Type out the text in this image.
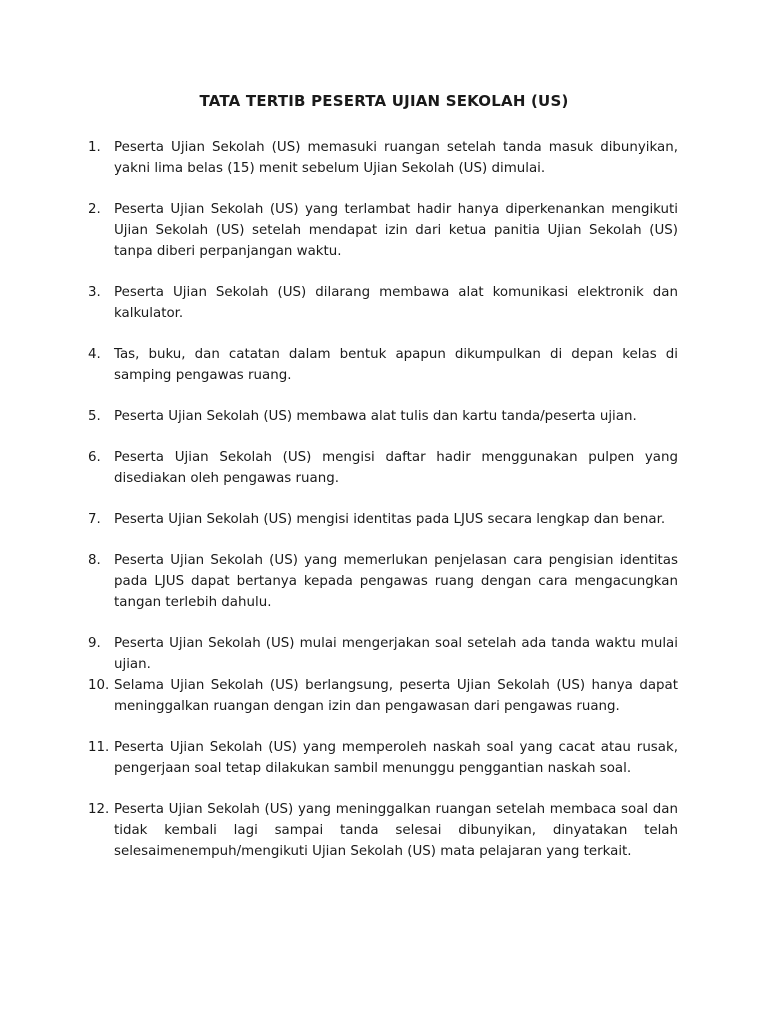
TATA TERTIB PESERTA UJIAN SEKOLAH (US)
1. Peserta Ujian Sekolah (US) memasuki ruangan setelah tanda masuk dibunyikan, yakni lima belas (15) menit sebelum Ujian Sekolah (US) dimulai.
2. Peserta Ujian Sekolah (US) yang terlambat hadir hanya diperkenankan mengikuti Ujian Sekolah (US) setelah mendapat izin dari ketua panitia Ujian Sekolah (US) tanpa diberi perpanjangan waktu.
3. Peserta Ujian Sekolah (US) dilarang membawa alat komunikasi elektronik dan kalkulator.
4. Tas, buku, dan catatan dalam bentuk apapun dikumpulkan di depan kelas di samping pengawas ruang.
5. Peserta Ujian Sekolah (US) membawa alat tulis dan kartu tanda/peserta ujian.
6. Peserta Ujian Sekolah (US) mengisi daftar hadir menggunakan pulpen yang disediakan oleh pengawas ruang.
7. Peserta Ujian Sekolah (US) mengisi identitas pada LJUS secara lengkap dan benar.
8. Peserta Ujian Sekolah (US) yang memerlukan penjelasan cara pengisian identitas pada LJUS dapat bertanya kepada pengawas ruang dengan cara mengacungkan tangan terlebih dahulu.
9. Peserta Ujian Sekolah (US) mulai mengerjakan soal setelah ada tanda waktu mulai ujian.
10. Selama Ujian Sekolah (US) berlangsung, peserta Ujian Sekolah (US) hanya dapat meninggalkan ruangan dengan izin dan pengawasan dari pengawas ruang.
11. Peserta Ujian Sekolah (US) yang memperoleh naskah soal yang cacat atau rusak, pengerjaan soal tetap dilakukan sambil menunggu penggantian naskah soal.
12. Peserta Ujian Sekolah (US) yang meninggalkan ruangan setelah membaca soal dan tidak kembali lagi sampai tanda selesai dibunyikan, dinyatakan telah selesaimenempuh/mengikuti Ujian Sekolah (US) mata pelajaran yang terkait.
